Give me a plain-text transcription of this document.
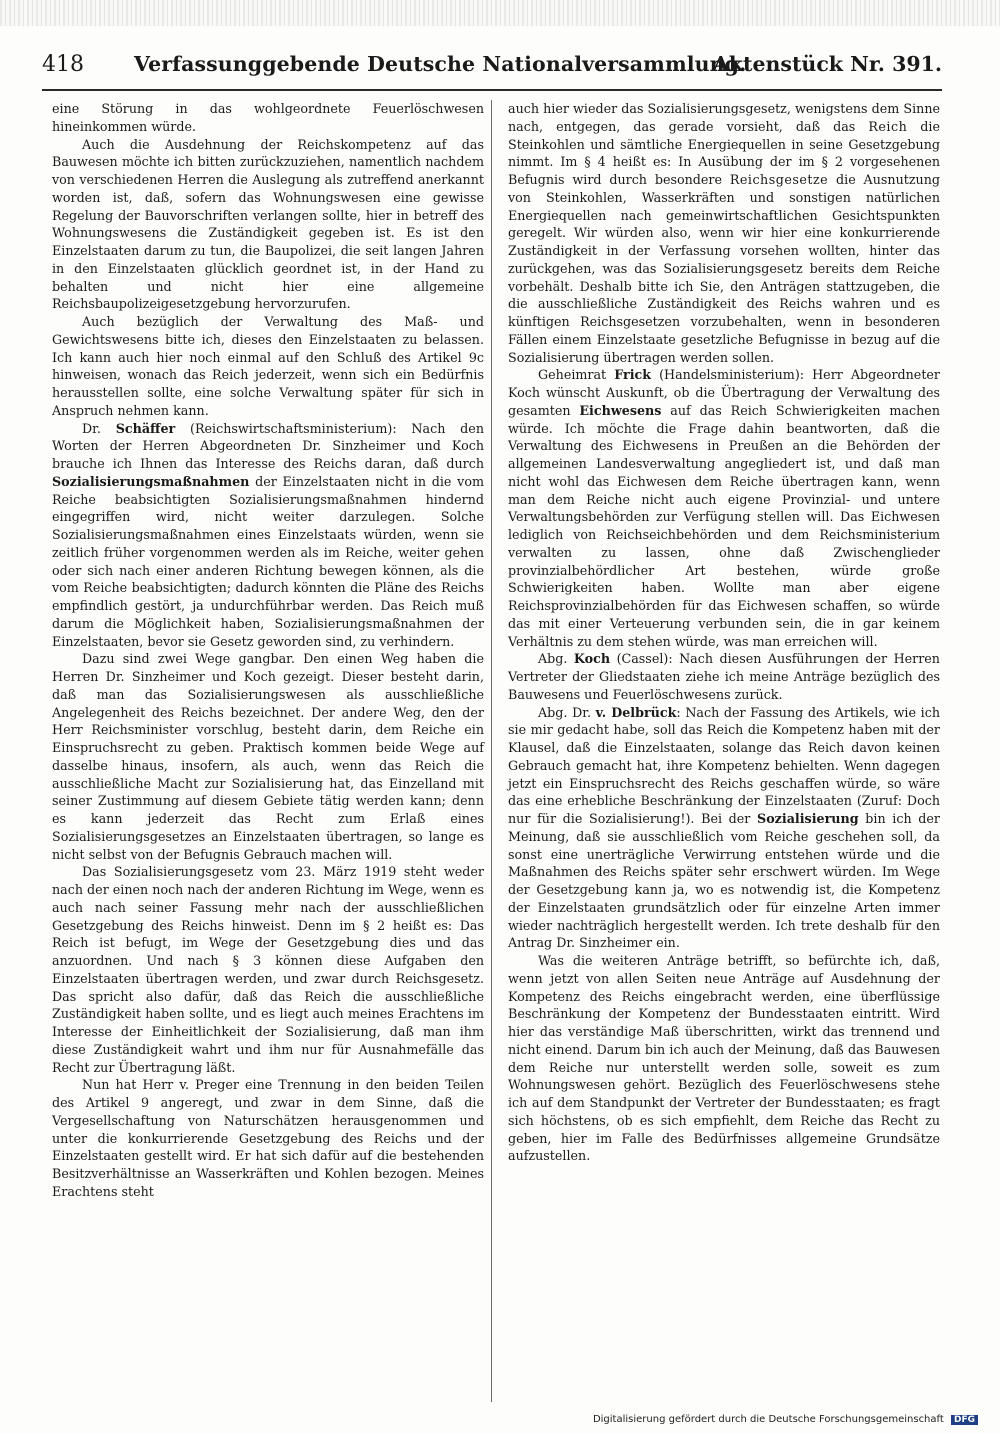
418 Verfassunggebende Deutsche Nationalversammlung.
Aktenstück Nr. 391.

eine Störung in das wohlgeordnete Feuerlöschwesen hineinkommen würde.

Auch die Ausdehnung der Reichskompetenz auf das Bauwesen möchte ich bitten zurückzuziehen, namentlich nachdem von verschiedenen Herren die Auslegung als zutreffend anerkannt worden ist, daß, sofern das Wohnungswesen eine gewisse Regelung der Bauvorschriften verlangen sollte, hier in betreff des Wohnungswesens die Zuständigkeit gegeben ist. Es ist den Einzelstaaten darum zu tun, die Baupolizei, die seit langen Jahren in den Einzelstaaten glücklich geordnet ist, in der Hand zu behalten und nicht hier eine allgemeine Reichsbaupolizeigesetzgebung hervorzurufen.

Auch bezüglich der Verwaltung des Maß- und Gewichtswesens bitte ich, dieses den Einzelstaaten zu belassen. Ich kann auch hier noch einmal auf den Schluß des Artikel 9c hinweisen, wonach das Reich jederzeit, wenn sich ein Bedürfnis herausstellen sollte, eine solche Verwaltung später für sich in Anspruch nehmen kann.

Dr. Schäffer (Reichswirtschaftsministerium): Nach den Worten der Herren Abgeordneten Dr. Sinzheimer und Koch brauche ich Ihnen das Interesse des Reichs daran, daß durch Sozialisierungsmaßnahmen der Einzelstaaten nicht in die vom Reiche beabsichtigten Sozialisierungsmaßnahmen hindernd eingegriffen wird, nicht weiter darzulegen. Solche Sozialisierungsmaßnahmen eines Einzelstaats würden, wenn sie zeitlich früher vorgenommen werden als im Reiche, weiter gehen oder sich nach einer anderen Richtung bewegen können, als die vom Reiche beabsichtigten; dadurch könnten die Pläne des Reichs empfindlich gestört, ja undurchführbar werden. Das Reich muß darum die Möglichkeit haben, Sozialisierungsmaßnahmen der Einzelstaaten, bevor sie Gesetz geworden sind, zu verhindern.

Dazu sind zwei Wege gangbar. Den einen Weg haben die Herren Dr. Sinzheimer und Koch gezeigt. Dieser besteht darin, daß man das Sozialisierungswesen als ausschließliche Angelegenheit des Reichs bezeichnet. Der andere Weg, den der Herr Reichsminister vorschlug, besteht darin, dem Reiche ein Einspruchsrecht zu geben. Praktisch kommen beide Wege auf dasselbe hinaus, insofern, als auch, wenn das Reich die ausschließliche Macht zur Sozialisierung hat, das Einzelland mit seiner Zustimmung auf diesem Gebiete tätig werden kann; denn es kann jederzeit das Recht zum Erlaß eines Sozialisierungsgesetzes an Einzelstaaten übertragen, so lange es nicht selbst von der Befugnis Gebrauch machen will.

Das Sozialisierungsgesetz vom 23. März 1919 steht weder nach der einen noch nach der anderen Richtung im Wege, wenn es auch nach seiner Fassung mehr nach der ausschließlichen Gesetzgebung des Reichs hinweist. Denn im § 2 heißt es: Das Reich ist befugt, im Wege der Gesetzgebung dies und das anzuordnen. Und nach § 3 können diese Aufgaben den Einzelstaaten übertragen werden, und zwar durch Reichsgesetz. Das spricht also dafür, daß das Reich die ausschließliche Zuständigkeit haben sollte, und es liegt auch meines Erachtens im Interesse der Einheitlichkeit der Sozialisierung, daß man ihm diese Zuständigkeit wahrt und ihm nur für Ausnahmefälle das Recht zur Übertragung läßt.

Nun hat Herr v. Preger eine Trennung in den beiden Teilen des Artikel 9 angeregt, und zwar in dem Sinne, daß die Vergesellschaftung von Naturschätzen herausgenommen und unter die konkurrierende Gesetzgebung des Reichs und der Einzelstaaten gestellt wird. Er hat sich dafür auf die bestehenden Besitzverhältnisse an Wasserkräften und Kohlen bezogen. Meines Erachtens steht

auch hier wieder das Sozialisierungsgesetz, wenigstens dem Sinne nach, entgegen, das gerade vorsieht, daß das Reich die Steinkohlen und sämtliche Energiequellen in seine Gesetzgebung nimmt. Im § 4 heißt es: In Ausübung der im § 2 vorgesehenen Befugnis wird durch besondere Reichsgesetze die Ausnutzung von Steinkohlen, Wasserkräften und sonstigen natürlichen Energiequellen nach gemeinwirtschaftlichen Gesichtspunkten geregelt. Wir würden also, wenn wir hier eine konkurrierende Zuständigkeit in der Verfassung vorsehen wollten, hinter das zurückgehen, was das Sozialisierungsgesetz bereits dem Reiche vorbehält. Deshalb bitte ich Sie, den Anträgen stattzugeben, die die ausschließliche Zuständigkeit des Reichs wahren und es künftigen Reichsgesetzen vorzubehalten, wenn in besonderen Fällen einem Einzelstaate gesetzliche Befugnisse in bezug auf die Sozialisierung übertragen werden sollen.

Geheimrat Frick (Handelsministerium): Herr Abgeordneter Koch wünscht Auskunft, ob die Übertragung der Verwaltung des gesamten Eichwesens auf das Reich Schwierigkeiten machen würde. Ich möchte die Frage dahin beantworten, daß die Verwaltung des Eichwesens in Preußen an die Behörden der allgemeinen Landesverwaltung angegliedert ist, und daß man nicht wohl das Eichwesen dem Reiche übertragen kann, wenn man dem Reiche nicht auch eigene Provinzial- und untere Verwaltungsbehörden zur Verfügung stellen will. Das Eichwesen lediglich von Reichseichbehörden und dem Reichsministerium verwalten zu lassen, ohne daß Zwischenglieder provinzialbehördlicher Art bestehen, würde große Schwierigkeiten haben. Wollte man aber eigene Reichsprovinzialbehörden für das Eichwesen schaffen, so würde das mit einer Verteuerung verbunden sein, die in gar keinem Verhältnis zu dem stehen würde, was man erreichen will.

Abg. Koch (Cassel): Nach diesen Ausführungen der Herren Vertreter der Gliedstaaten ziehe ich meine Anträge bezüglich des Bauwesens und Feuerlöschwesens zurück.

Abg. Dr. v. Delbrück: Nach der Fassung des Artikels, wie ich sie mir gedacht habe, soll das Reich die Kompetenz haben mit der Klausel, daß die Einzelstaaten, solange das Reich davon keinen Gebrauch gemacht hat, ihre Kompetenz behielten. Wenn dagegen jetzt ein Einspruchsrecht des Reichs geschaffen würde, so wäre das eine erhebliche Beschränkung der Einzelstaaten (Zuruf: Doch nur für die Sozialisierung!). Bei der Sozialisierung bin ich der Meinung, daß sie ausschließlich vom Reiche geschehen soll, da sonst eine unerträgliche Verwirrung entstehen würde und die Maßnahmen des Reichs später sehr erschwert würden. Im Wege der Gesetzgebung kann ja, wo es notwendig ist, die Kompetenz der Einzelstaaten grundsätzlich oder für einzelne Arten immer wieder nachträglich hergestellt werden. Ich trete deshalb für den Antrag Dr. Sinzheimer ein.

Was die weiteren Anträge betrifft, so befürchte ich, daß, wenn jetzt von allen Seiten neue Anträge auf Ausdehnung der Kompetenz des Reichs eingebracht werden, eine überflüssige Beschränkung der Kompetenz der Bundesstaaten eintritt. Wird hier das verständige Maß überschritten, wirkt das trennend und nicht einend. Darum bin ich auch der Meinung, daß das Bauwesen dem Reiche nur unterstellt werden solle, soweit es zum Wohnungswesen gehört. Bezüglich des Feuerlöschwesens stehe ich auf dem Standpunkt der Vertreter der Bundesstaaten; es fragt sich höchstens, ob es sich empfiehlt, dem Reiche das Recht zu geben, hier im Falle des Bedürfnisses allgemeine Grundsätze aufzustellen.

Digitalisierung gefördert durch die Deutsche Forschungsgemeinschaft DFG
